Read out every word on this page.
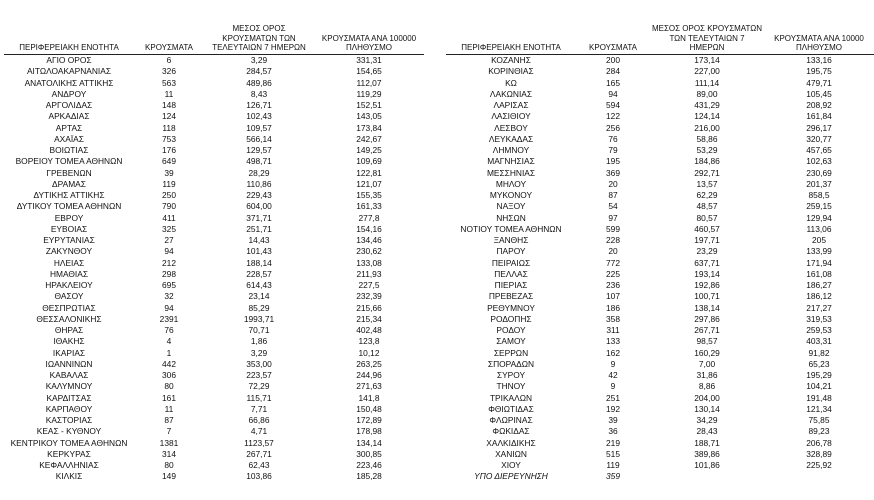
ΠΕΡΙΦΕΡΕΙΑΚΗ ΕΝΟΤΗΤΑ	ΚΡΟΥΣΜΑΤΑ	ΜΕΣΟΣ ΟΡΟΣ ΚΡΟΥΣΜΑΤΩΝ ΤΩΝ ΤΕΛΕΥΤΑΙΩΝ 7 ΗΜΕΡΩΝ	ΚΡΟΥΣΜΑΤΑ ΑΝΑ 100000 ΠΛΗΘΥΣΜΟ
ΑΓΙΟ ΟΡΟΣ	6	3,29	331,31
ΑΙΤΩΛΟΑΚΑΡΝΑΝΙΑΣ	326	284,57	154,65
ΑΝΑΤΟΛΙΚΗΣ ΑΤΤΙΚΗΣ	563	489,86	112,07
ΑΝΔΡΟΥ	11	8,43	119,29
ΑΡΓΟΛΙΔΑΣ	148	126,71	152,51
ΑΡΚΑΔΙΑΣ	124	102,43	143,05
ΑΡΤΑΣ	118	109,57	173,84
ΑΧΑΪΑΣ	753	566,14	242,67
ΒΟΙΩΤΙΑΣ	176	129,57	149,25
ΒΟΡΕΙΟΥ ΤΟΜΕΑ ΑΘΗΝΩΝ	649	498,71	109,69
ΓΡΕΒΕΝΩΝ	39	28,29	122,81
ΔΡΑΜΑΣ	119	110,86	121,07
ΔΥΤΙΚΗΣ ΑΤΤΙΚΗΣ	250	229,43	155,35
ΔΥΤΙΚΟΥ ΤΟΜΕΑ ΑΘΗΝΩΝ	790	604,00	161,33
ΕΒΡΟΥ	411	371,71	277,8
ΕΥΒΟΙΑΣ	325	251,71	154,16
ΕΥΡΥΤΑΝΙΑΣ	27	14,43	134,46
ΖΑΚΥΝΘΟΥ	94	101,43	230,62
ΗΛΕΙΑΣ	212	188,14	133,08
ΗΜΑΘΙΑΣ	298	228,57	211,93
ΗΡΑΚΛΕΙΟΥ	695	614,43	227,5
ΘΑΣΟΥ	32	23,14	232,39
ΘΕΣΠΡΩΤΙΑΣ	94	85,29	215,66
ΘΕΣΣΑΛΟΝΙΚΗΣ	2391	1993,71	215,34
ΘΗΡΑΣ	76	70,71	402,48
ΙΘΑΚΗΣ	4	1,86	123,8
ΙΚΑΡΙΑΣ	1	3,29	10,12
ΙΩΑΝΝΙΝΩΝ	442	353,00	263,25
ΚΑΒΑΛΑΣ	306	223,57	244,96
ΚΑΛΥΜΝΟΥ	80	72,29	271,63
ΚΑΡΔΙΤΣΑΣ	161	115,71	141,8
ΚΑΡΠΑΘΟΥ	11	7,71	150,48
ΚΑΣΤΟΡΙΑΣ	87	66,86	172,89
ΚΕΑΣ - ΚΥΘΝΟΥ	7	4,71	178,98
ΚΕΝΤΡΙΚΟΥ ΤΟΜΕΑ ΑΘΗΝΩΝ	1381	1123,57	134,14
ΚΕΡΚΥΡΑΣ	314	267,71	300,85
ΚΕΦΑΛΛΗΝΙΑΣ	80	62,43	223,46
ΚΙΛΚΙΣ	149	103,86	185,28
ΠΕΡΙΦΕΡΕΙΑΚΗ ΕΝΟΤΗΤΑ	ΚΡΟΥΣΜΑΤΑ	ΜΕΣΟΣ ΟΡΟΣ ΚΡΟΥΣΜΑΤΩΝ ΤΩΝ ΤΕΛΕΥΤΑΙΩΝ 7 ΗΜΕΡΩΝ	ΚΡΟΥΣΜΑΤΑ ΑΝΑ 10000 ΠΛΗΘΥΣΜΟ
ΚΟΖΑΝΗΣ	200	173,14	133,16
ΚΟΡΙΝΘΙΑΣ	284	227,00	195,75
ΚΩ	165	111,14	479,71
ΛΑΚΩΝΙΑΣ	94	89,00	105,45
ΛΑΡΙΣΑΣ	594	431,29	208,92
ΛΑΣΙΘΙΟΥ	122	124,14	161,84
ΛΕΣΒΟΥ	256	216,00	296,17
ΛΕΥΚΑΔΑΣ	76	58,86	320,77
ΛΗΜΝΟΥ	79	53,29	457,65
ΜΑΓΝΗΣΙΑΣ	195	184,86	102,63
ΜΕΣΣΗΝΙΑΣ	369	292,71	230,69
ΜΗΛΟΥ	20	13,57	201,37
ΜΥΚΟΝΟΥ	87	62,29	858,5
ΝΑΞΟΥ	54	48,57	259,15
ΝΗΣΩΝ	97	80,57	129,94
ΝΟΤΙΟΥ ΤΟΜΕΑ ΑΘΗΝΩΝ	599	460,57	113,06
ΞΑΝΘΗΣ	228	197,71	205
ΠΑΡΟΥ	20	23,29	133,99
ΠΕΙΡΑΙΩΣ	772	637,71	171,94
ΠΕΛΛΑΣ	225	193,14	161,08
ΠΙΕΡΙΑΣ	236	192,86	186,27
ΠΡΕΒΕΖΑΣ	107	100,71	186,12
ΡΕΘΥΜΝΟΥ	186	138,14	217,27
ΡΟΔΟΠΗΣ	358	297,86	319,53
ΡΟΔΟΥ	311	267,71	259,53
ΣΑΜΟΥ	133	98,57	403,31
ΣΕΡΡΩΝ	162	160,29	91,82
ΣΠΟΡΑΔΩΝ	9	7,00	65,23
ΣΥΡΟΥ	42	31,86	195,29
ΤΗΝΟΥ	9	8,86	104,21
ΤΡΙΚΑΛΩΝ	251	204,00	191,48
ΦΘΙΩΤΙΔΑΣ	192	130,14	121,34
ΦΛΩΡΙΝΑΣ	39	34,29	75,85
ΦΩΚΙΔΑΣ	36	28,43	89,23
ΧΑΛΚΙΔΙΚΗΣ	219	188,71	206,78
ΧΑΝΙΩΝ	515	389,86	328,89
ΧΙΟΥ	119	101,86	225,92
ΥΠΟ ΔΙΕΡΕΥΝΗΣΗ	359		
